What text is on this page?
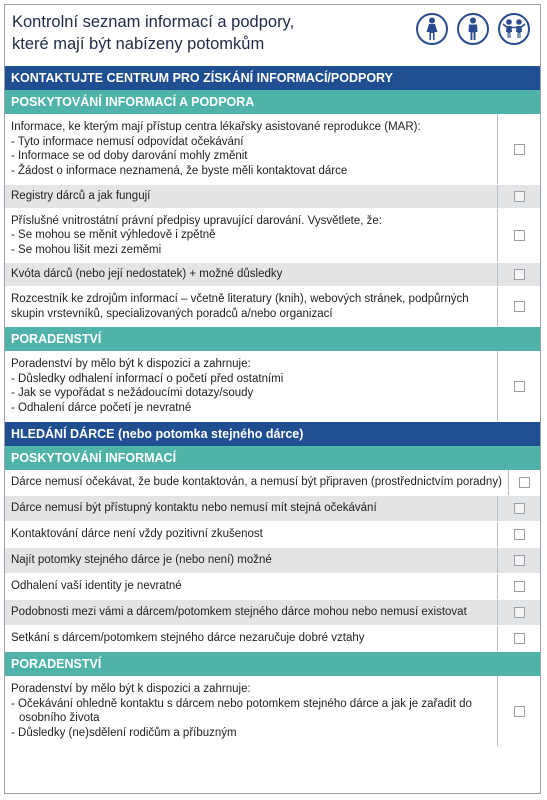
Kontrolní seznam informací a podpory,
které mají být nabízeny potomkům
KONTAKTUJTE CENTRUM PRO ZÍSKÁNÍ INFORMACÍ/PODPORY
POSKYTOVÁNÍ INFORMACÍ A PODPORA
Informace, ke kterým mají přístup centra lékařsky asistované reprodukce (MAR):
- Tyto informace nemusí odpovídat očekávání
- Informace se od doby darování mohly změnit
- Žádost o informace neznamená, že byste měli kontaktovat dárce
Registry dárců a jak fungují
Příslušné vnitrostátní právní předpisy upravující darování. Vysvětlete, že:
- Se mohou se měnit výhledově i zpětně
- Se mohou lišit mezi zeměmi
Kvóta dárců (nebo její nedostatek) + možné důsledky
Rozcestník ke zdrojům informací – včetně literatury (knih), webových stránek, podpůrných
skupin vrstevníků, specializovaných poradců a/nebo organizací
PORADENSTVÍ
Poradenství by mělo být k dispozici a zahrnuje:
- Důsledky odhalení informací o početí před ostatními
- Jak se vypořádat s nežádoucími dotazy/soudy
- Odhalení dárce početí je nevratné
HLEDÁNÍ DÁRCE (nebo potomka stejného dárce)
POSKYTOVÁNÍ INFORMACÍ
Dárce nemusí očekávat, že bude kontaktován, a nemusí být připraven (prostřednictvím poradny)
Dárce nemusí být přístupný kontaktu nebo nemusí mít stejná očekávání
Kontaktování dárce není vždy pozitivní zkušenost
Najít potomky stejného dárce je (nebo není) možné
Odhalení vaší identity je nevratné
Podobnosti mezi vámi a dárcem/potomkem stejného dárce mohou nebo nemusí existovat
Setkání s dárcem/potomkem stejného dárce nezaručuje dobré vztahy
PORADENSTVÍ
Poradenství by mělo být k dispozici a zahrnuje:
- Očekávání ohledně kontaktu s dárcem nebo potomkem stejného dárce a jak je zařadit do
osobního života
- Důsledky (ne)sdělení rodičům a příbuzným
